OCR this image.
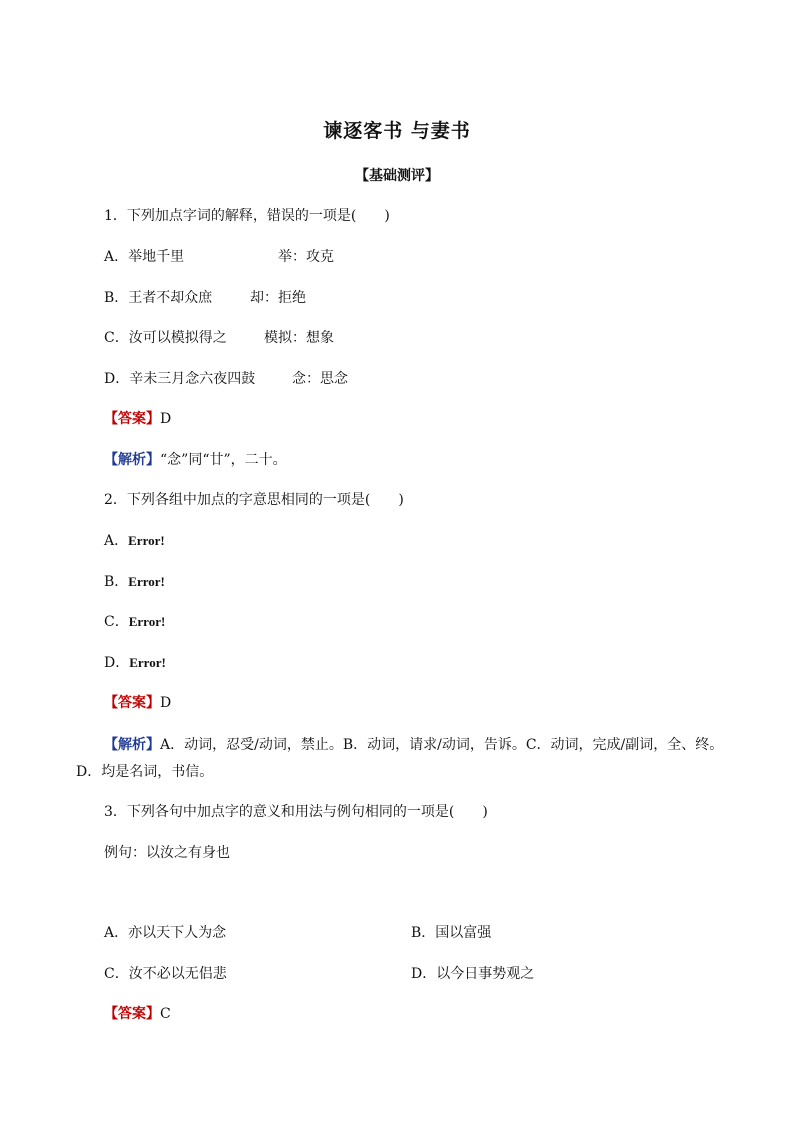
谏逐客书 与妻书
【基础测评】
1．下列加点字词的解释，错误的一项是(　　)
A．举地千里	举：攻克
B．王者不却众庶	却：拒绝
C．汝可以模拟得之	模拟：想象
D．辛未三月念六夜四鼓	念：思念
【答案】D
【解析】“念”同“廿”，二十。
2．下列各组中加点的字意思相同的一项是(　　)
A．Error!
B．Error!
C．Error!
D．Error!
【答案】D
【解析】A．动词，忍受/动词，禁止。B．动词，请求/动词，告诉。C．动词，完成/副词，全、终。
D．均是名词，书信。
3．下列各句中加点字的意义和用法与例句相同的一项是(　　)
例句：以汝之有身也
A．亦以天下人为念	B．国以富强
C．汝不必以无侣悲	D．以今日事势观之
【答案】C
